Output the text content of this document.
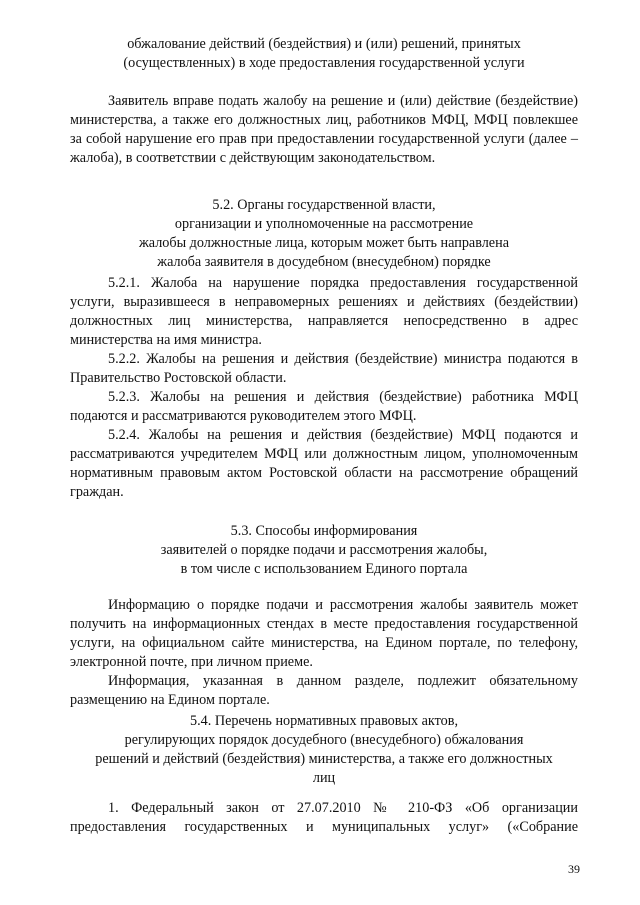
обжалование действий (бездействия) и (или) решений, принятых

(осуществленных) в ходе предоставления государственной услуги

Заявитель вправе подать жалобу на решение и (или) действие (бездействие) министерства, а также его должностных лиц, работников МФЦ, МФЦ повлекшее за собой нарушение его прав при предоставлении государственной услуги (далее – жалоба), в соответствии с действующим законодательством.

5.2. Органы государственной власти,

организации и уполномоченные на рассмотрение

жалобы должностные лица, которым может быть направлена

жалоба заявителя в досудебном (внесудебном) порядке

5.2.1. Жалоба на нарушение порядка предоставления государственной услуги, выразившееся в неправомерных решениях и действиях (бездействии) должностных лиц министерства, направляется непосредственно в адрес министерства на имя министра.

5.2.2. Жалобы на решения и действия (бездействие) министра подаются в Правительство Ростовской области.

5.2.3. Жалобы на решения и действия (бездействие) работника МФЦ подаются и рассматриваются руководителем этого МФЦ.

5.2.4. Жалобы на решения и действия (бездействие) МФЦ подаются и рассматриваются учредителем МФЦ или должностным лицом, уполномоченным нормативным правовым актом Ростовской области на рассмотрение обращений граждан.

5.3. Способы информирования

заявителей о порядке подачи и рассмотрения жалобы,

в том числе с использованием Единого портала

Информацию о порядке подачи и рассмотрения жалобы заявитель может получить на информационных стендах в месте предоставления государственной услуги, на официальном сайте министерства, на Едином портале, по телефону, электронной почте, при личном приеме.

Информация, указанная в данном разделе, подлежит обязательному размещению на Едином портале.

5.4. Перечень нормативных правовых актов,

регулирующих порядок досудебного (внесудебного) обжалования

решений и действий (бездействия) министерства, а также его должностных

лиц

1. Федеральный закон от 27.07.2010 № 210-ФЗ «Об организации предоставления государственных и муниципальных услуг» («Собрание

39
